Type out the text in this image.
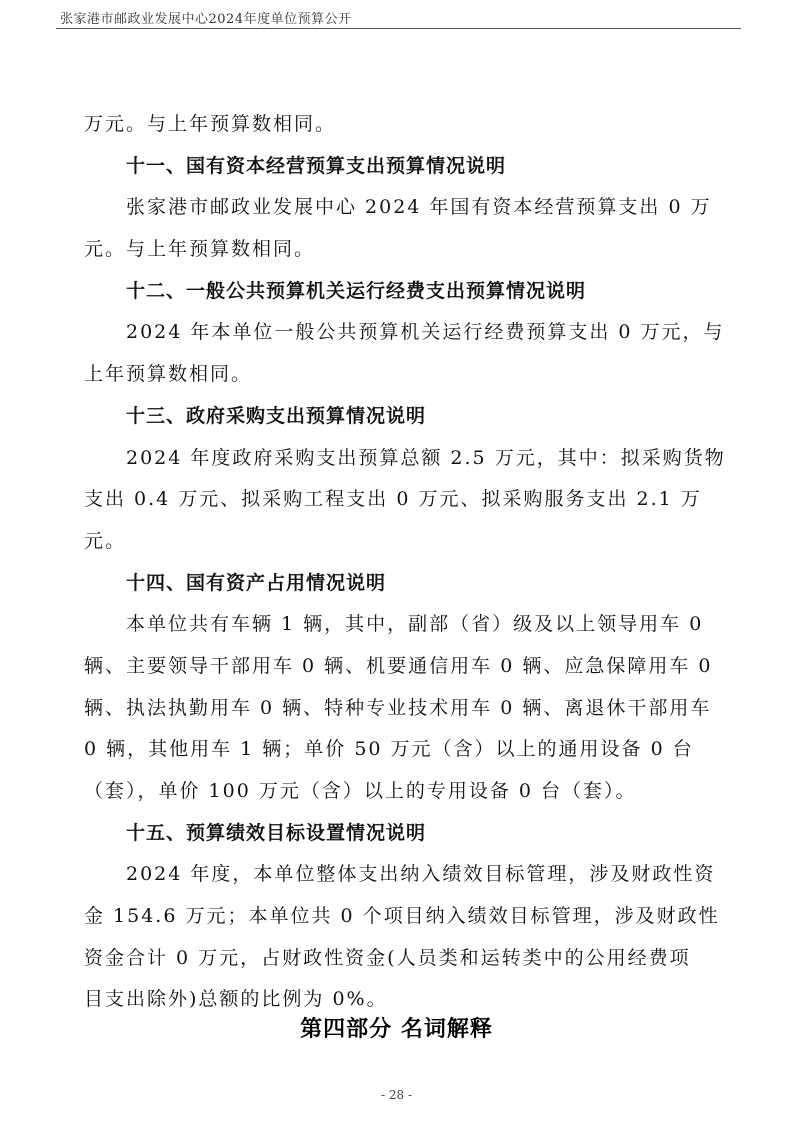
张家港市邮政业发展中心2024年度单位预算公开
万元。与上年预算数相同。
十一、国有资本经营预算支出预算情况说明
张家港市邮政业发展中心 2024 年国有资本经营预算支出 0 万
元。与上年预算数相同。
十二、一般公共预算机关运行经费支出预算情况说明
2024 年本单位一般公共预算机关运行经费预算支出 0 万元，与
上年预算数相同。
十三、政府采购支出预算情况说明
2024 年度政府采购支出预算总额 2.5 万元，其中：拟采购货物
支出 0.4 万元、拟采购工程支出 0 万元、拟采购服务支出 2.1 万
元。
十四、国有资产占用情况说明
本单位共有车辆 1 辆，其中，副部（省）级及以上领导用车 0
辆、主要领导干部用车 0 辆、机要通信用车 0 辆、应急保障用车 0
辆、执法执勤用车 0 辆、特种专业技术用车 0 辆、离退休干部用车
0 辆，其他用车 1 辆；单价 50 万元（含）以上的通用设备 0 台
（套），单价 100 万元（含）以上的专用设备 0 台（套）。
十五、预算绩效目标设置情况说明
2024 年度，本单位整体支出纳入绩效目标管理，涉及财政性资
金 154.6 万元；本单位共 0 个项目纳入绩效目标管理，涉及财政性
资金合计 0 万元，占财政性资金(人员类和运转类中的公用经费项
目支出除外)总额的比例为 0%。
第四部分 名词解释
- 28 -
